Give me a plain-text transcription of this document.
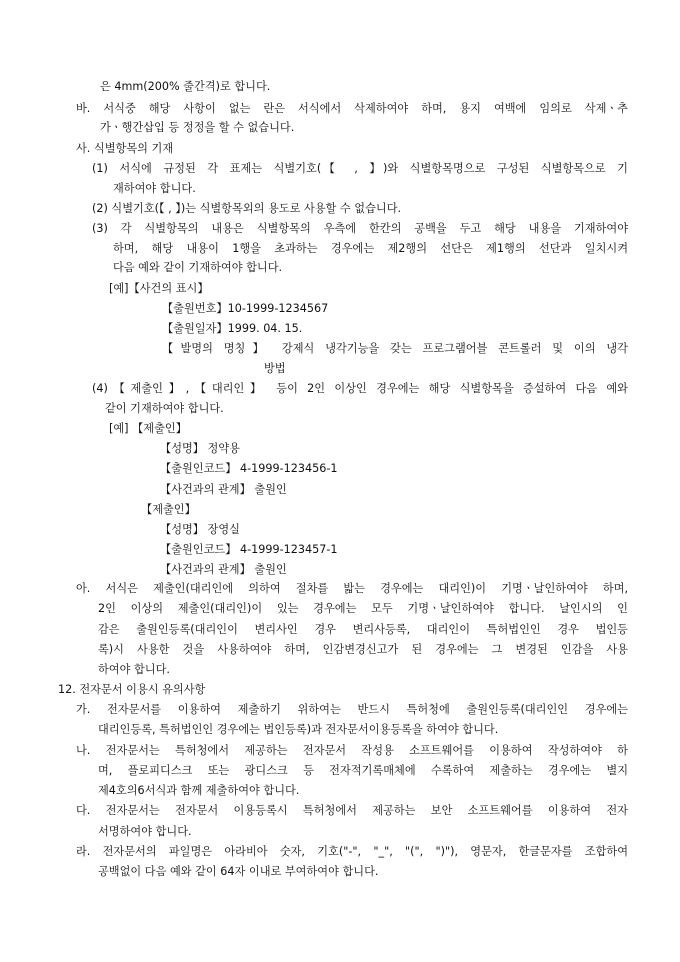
은 4mm(200% 줄간격)로 합니다.
바. 서식중 해당 사항이 없는 란은 서식에서 삭제하여야 하며, 용지 여백에 임의로 삭제ㆍ추
가ㆍ행간삽입 등 정정을 할 수 없습니다.
사. 식별항목의 기재
(1) 서식에 규정된 각 표제는 식별기호(【 , 】)와 식별항목명으로 구성된 식별항목으로 기
재하여야 합니다.
(2) 식별기호(【 , 】)는 식별항목외의 용도로 사용할 수 없습니다.
(3) 각 식별항목의 내용은 식별항목의 우측에 한칸의 공백을 두고 해당 내용을 기재하여야
하며, 해당 내용이 1행을 초과하는 경우에는 제2행의 선단은 제1행의 선단과 일치시켜
다음 예와 같이 기재하여야 합니다.
[예]【사건의 표시】
【출원번호】10-1999-1234567
【출원일자】1999. 04. 15.
【발명의 명칭】 강제식 냉각기능을 갖는 프로그램어블 콘트롤러 및 이의 냉각
방법
(4)【제출인】,【대리인】 등이 2인 이상인 경우에는 해당 식별항목을 증설하여 다음 예와
같이 기재하여야 합니다.
[예] 【제출인】
【성명】 정약용
【출원인코드】 4-1999-123456-1
【사건과의 관계】 출원인
【제출인】
【성명】 장영실
【출원인코드】 4-1999-123457-1
【사건과의 관계】 출원인
아. 서식은 제출인(대리인에 의하여 절차를 밟는 경우에는 대리인)이 기명ㆍ날인하여야 하며,
2인 이상의 제출인(대리인)이 있는 경우에는 모두 기명ㆍ날인하여야 합니다. 날인시의 인
감은 출원인등록(대리인이 변리사인 경우 변리사등록, 대리인이 특허법인인 경우 법인등
록)시 사용한 것을 사용하여야 하며, 인감변경신고가 된 경우에는 그 변경된 인감을 사용
하여야 합니다.
12. 전자문서 이용시 유의사항
가. 전자문서를 이용하여 제출하기 위하여는 반드시 특허청에 출원인등록(대리인인 경우에는
대리인등록, 특허법인인 경우에는 법인등록)과 전자문서이용등록을 하여야 합니다.
나. 전자문서는 특허청에서 제공하는 전자문서 작성용 소프트웨어를 이용하여 작성하여야 하
며, 플로피디스크 또는 광디스크 등 전자적기록매체에 수록하여 제출하는 경우에는 별지
제4호의6서식과 함께 제출하여야 합니다.
다. 전자문서는 전자문서 이용등록시 특허청에서 제공하는 보안 소프트웨어를 이용하여 전자
서명하여야 합니다.
라. 전자문서의 파일명은 아라비아 숫자, 기호("-", "_", "(", ")"), 영문자, 한글문자를 조합하여
공백없이 다음 예와 같이 64자 이내로 부여하여야 합니다.
